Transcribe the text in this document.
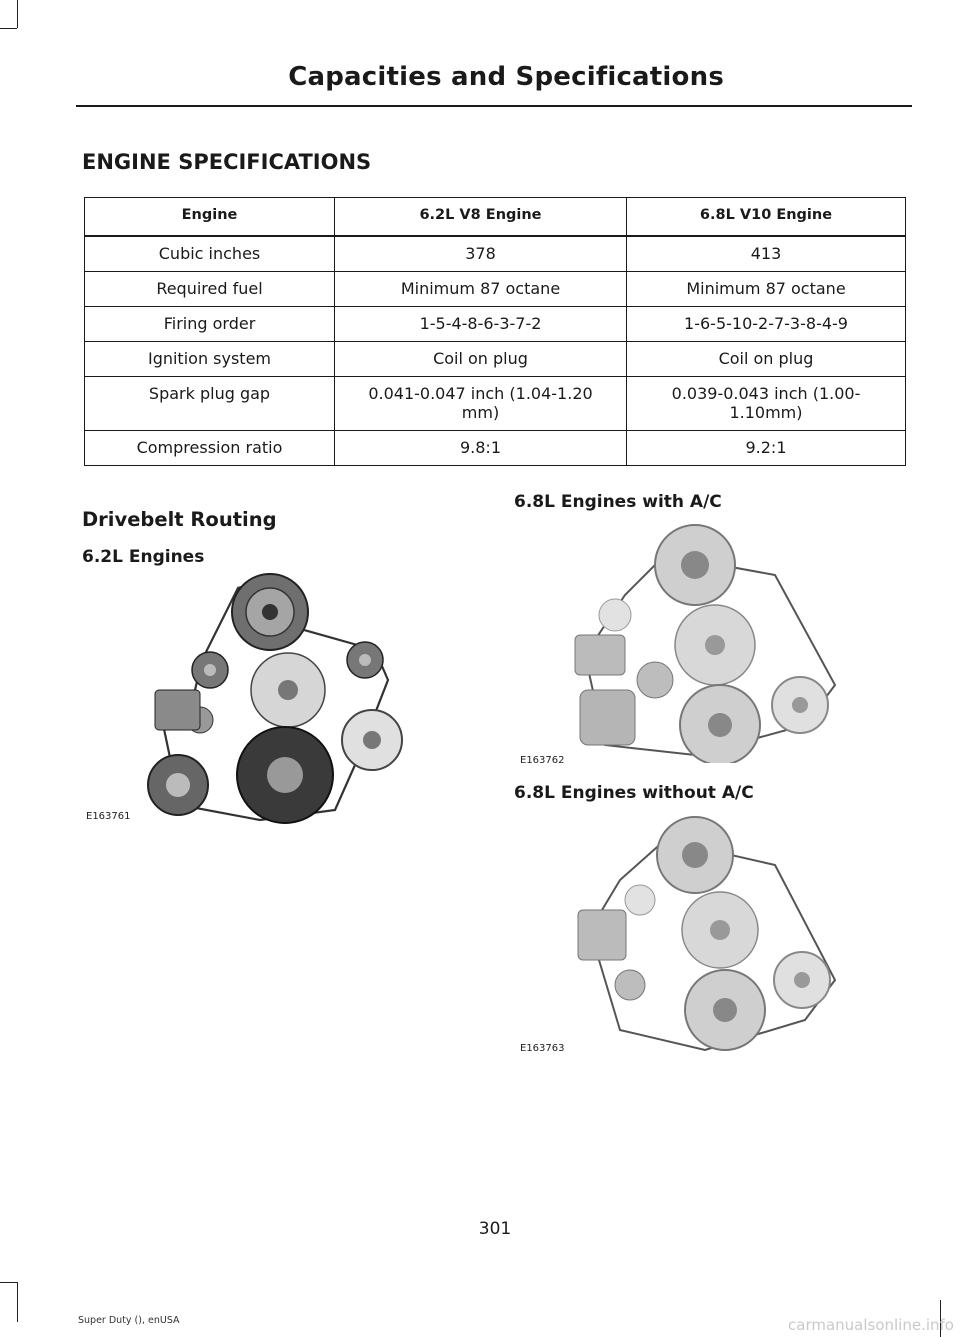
Capacities and Specifications
ENGINE SPECIFICATIONS
Engine	6.2L V8 Engine	6.8L V10 Engine
Cubic inches	378	413
Required fuel	Minimum 87 octane	Minimum 87 octane
Firing order	1-5-4-8-6-3-7-2	1-6-5-10-2-7-3-8-4-9
Ignition system	Coil on plug	Coil on plug
Spark plug gap	0.041-0.047 inch (1.04-1.20 mm)	0.039-0.043 inch (1.00-1.10mm)
Compression ratio	9.8:1	9.2:1
Drivebelt Routing
6.2L Engines
6.8L Engines with A/C
6.8L Engines without A/C
E163761
E163762
E163763
301
Super Duty (), enUSA	carmanualsonline.info
